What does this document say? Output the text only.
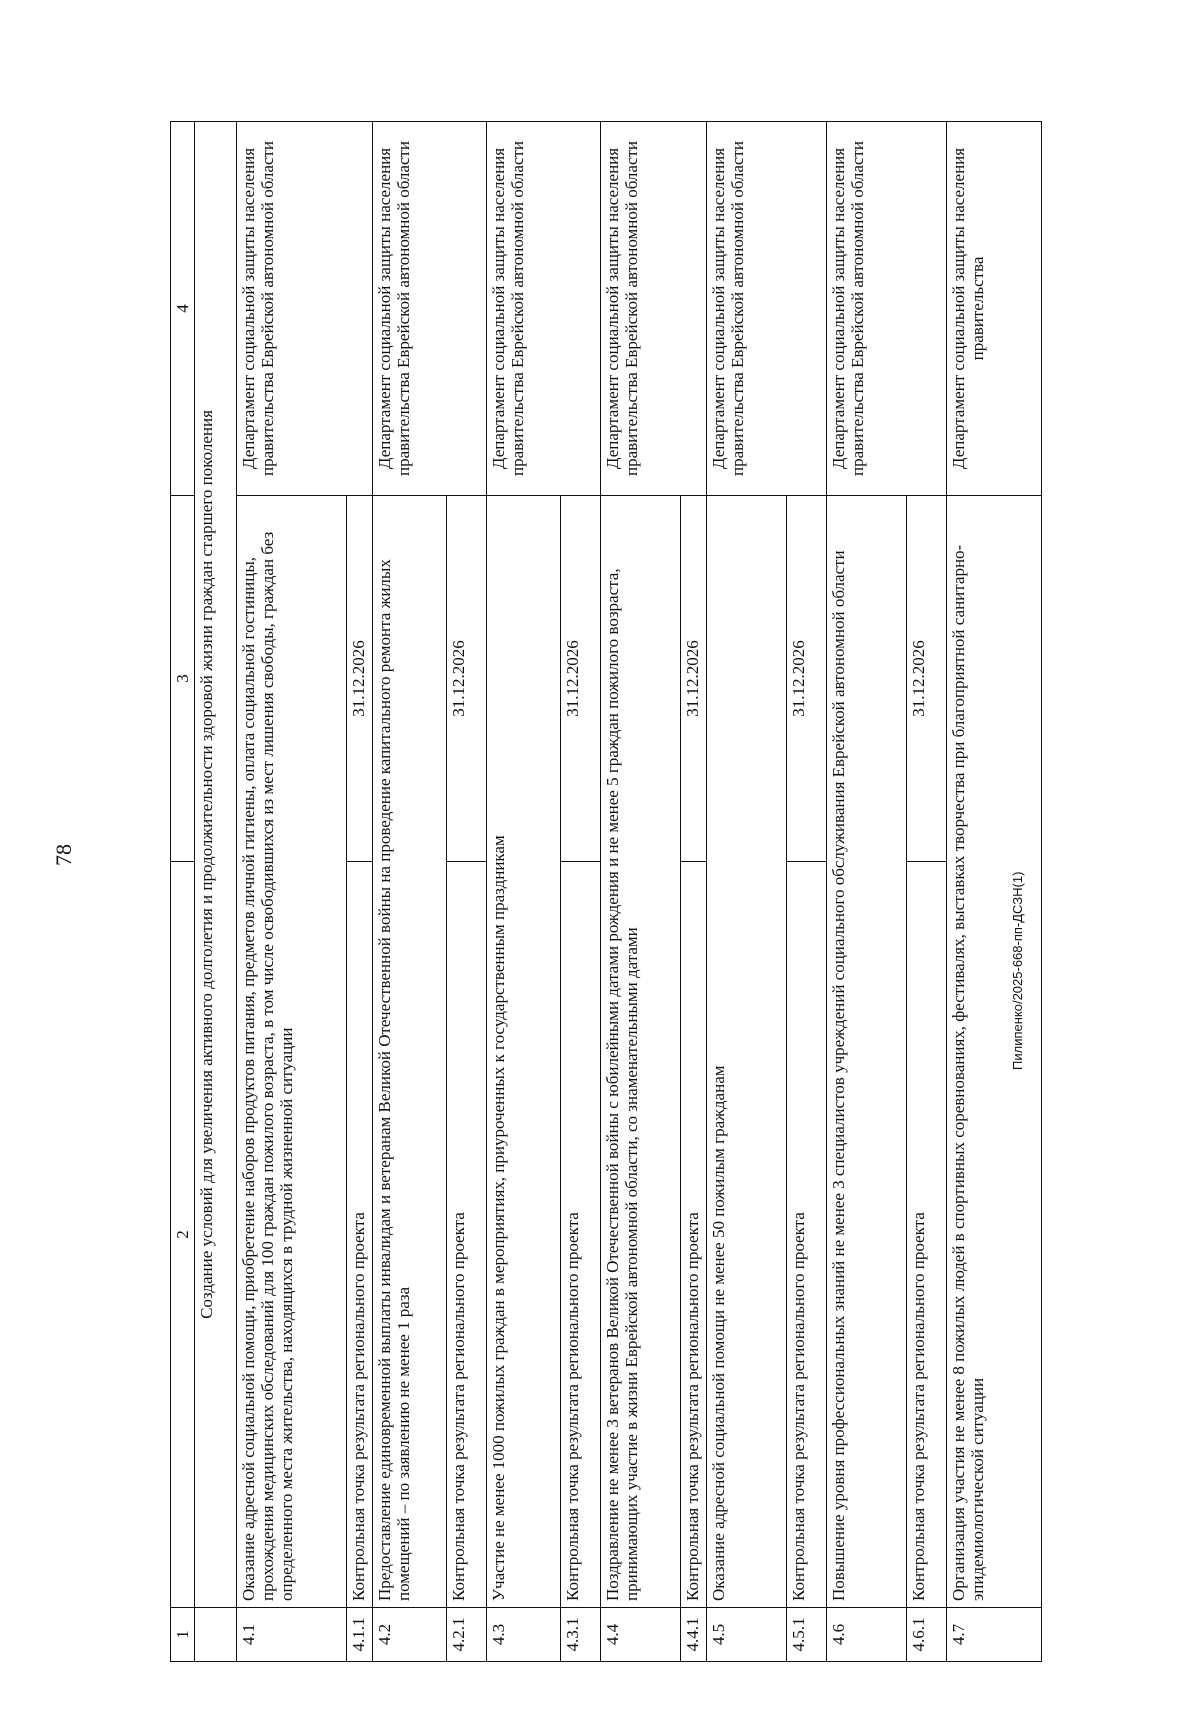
78
1	2	3	4
	Создание условий для увеличения активного долголетия и продолжительности здоровой жизни граждан старшего поколения		
4.1	Оказание адресной социальной помощи, приобретение наборов продуктов питания, предметов личной гигиены, оплата социальной гостиницы, прохождения медицинских обследований для 100 граждан пожилого возраста, в том числе освободившихся из мест лишения свободы, граждан без определенного места жительства, находящихся в трудной жизненной ситуации		Департамент социальной защиты населения правительства Еврейской автономной области
4.1.1	Контрольная точка результата регионального проекта	31.12.2026	
4.2	Предоставление единовременной выплаты инвалидам и ветеранам Великой Отечественной войны на проведение капитального ремонта жилых помещений – по заявлению не менее 1 раза		Департамент социальной защиты населения правительства Еврейской автономной области
4.2.1	Контрольная точка результата регионального проекта	31.12.2026	
4.3	Участие не менее 1000 пожилых граждан в мероприятиях, приуроченных к государственным праздникам		Департамент социальной защиты населения правительства Еврейской автономной области
4.3.1	Контрольная точка результата регионального проекта	31.12.2026	
4.4	Поздравление не менее 3 ветеранов Великой Отечественной войны с юбилейными датами рождения и не менее 5 граждан пожилого возраста, принимающих участие в жизни Еврейской автономной области, со знаменательными датами		Департамент социальной защиты населения правительства Еврейской автономной области
4.4.1	Контрольная точка результата регионального проекта	31.12.2026	
4.5	Оказание адресной социальной помощи не менее 50 пожилым гражданам		Департамент социальной защиты населения правительства Еврейской автономной области
4.5.1	Контрольная точка результата регионального проекта	31.12.2026	
4.6	Повышение уровня профессиональных знаний не менее 3 специалистов учреждений социального обслуживания Еврейской автономной области		Департамент социальной защиты населения правительства Еврейской автономной области
4.6.1	Контрольная точка результата регионального проекта	31.12.2026	
4.7	Организация участия не менее 8 пожилых людей в спортивных соревнованиях, фестивалях, выставках творчества при благоприятной санитарно-эпидемиологической ситуации		Департамент социальной защиты населения правительства
Пилипенко/2025-668-пп-ДСЗН(1)
